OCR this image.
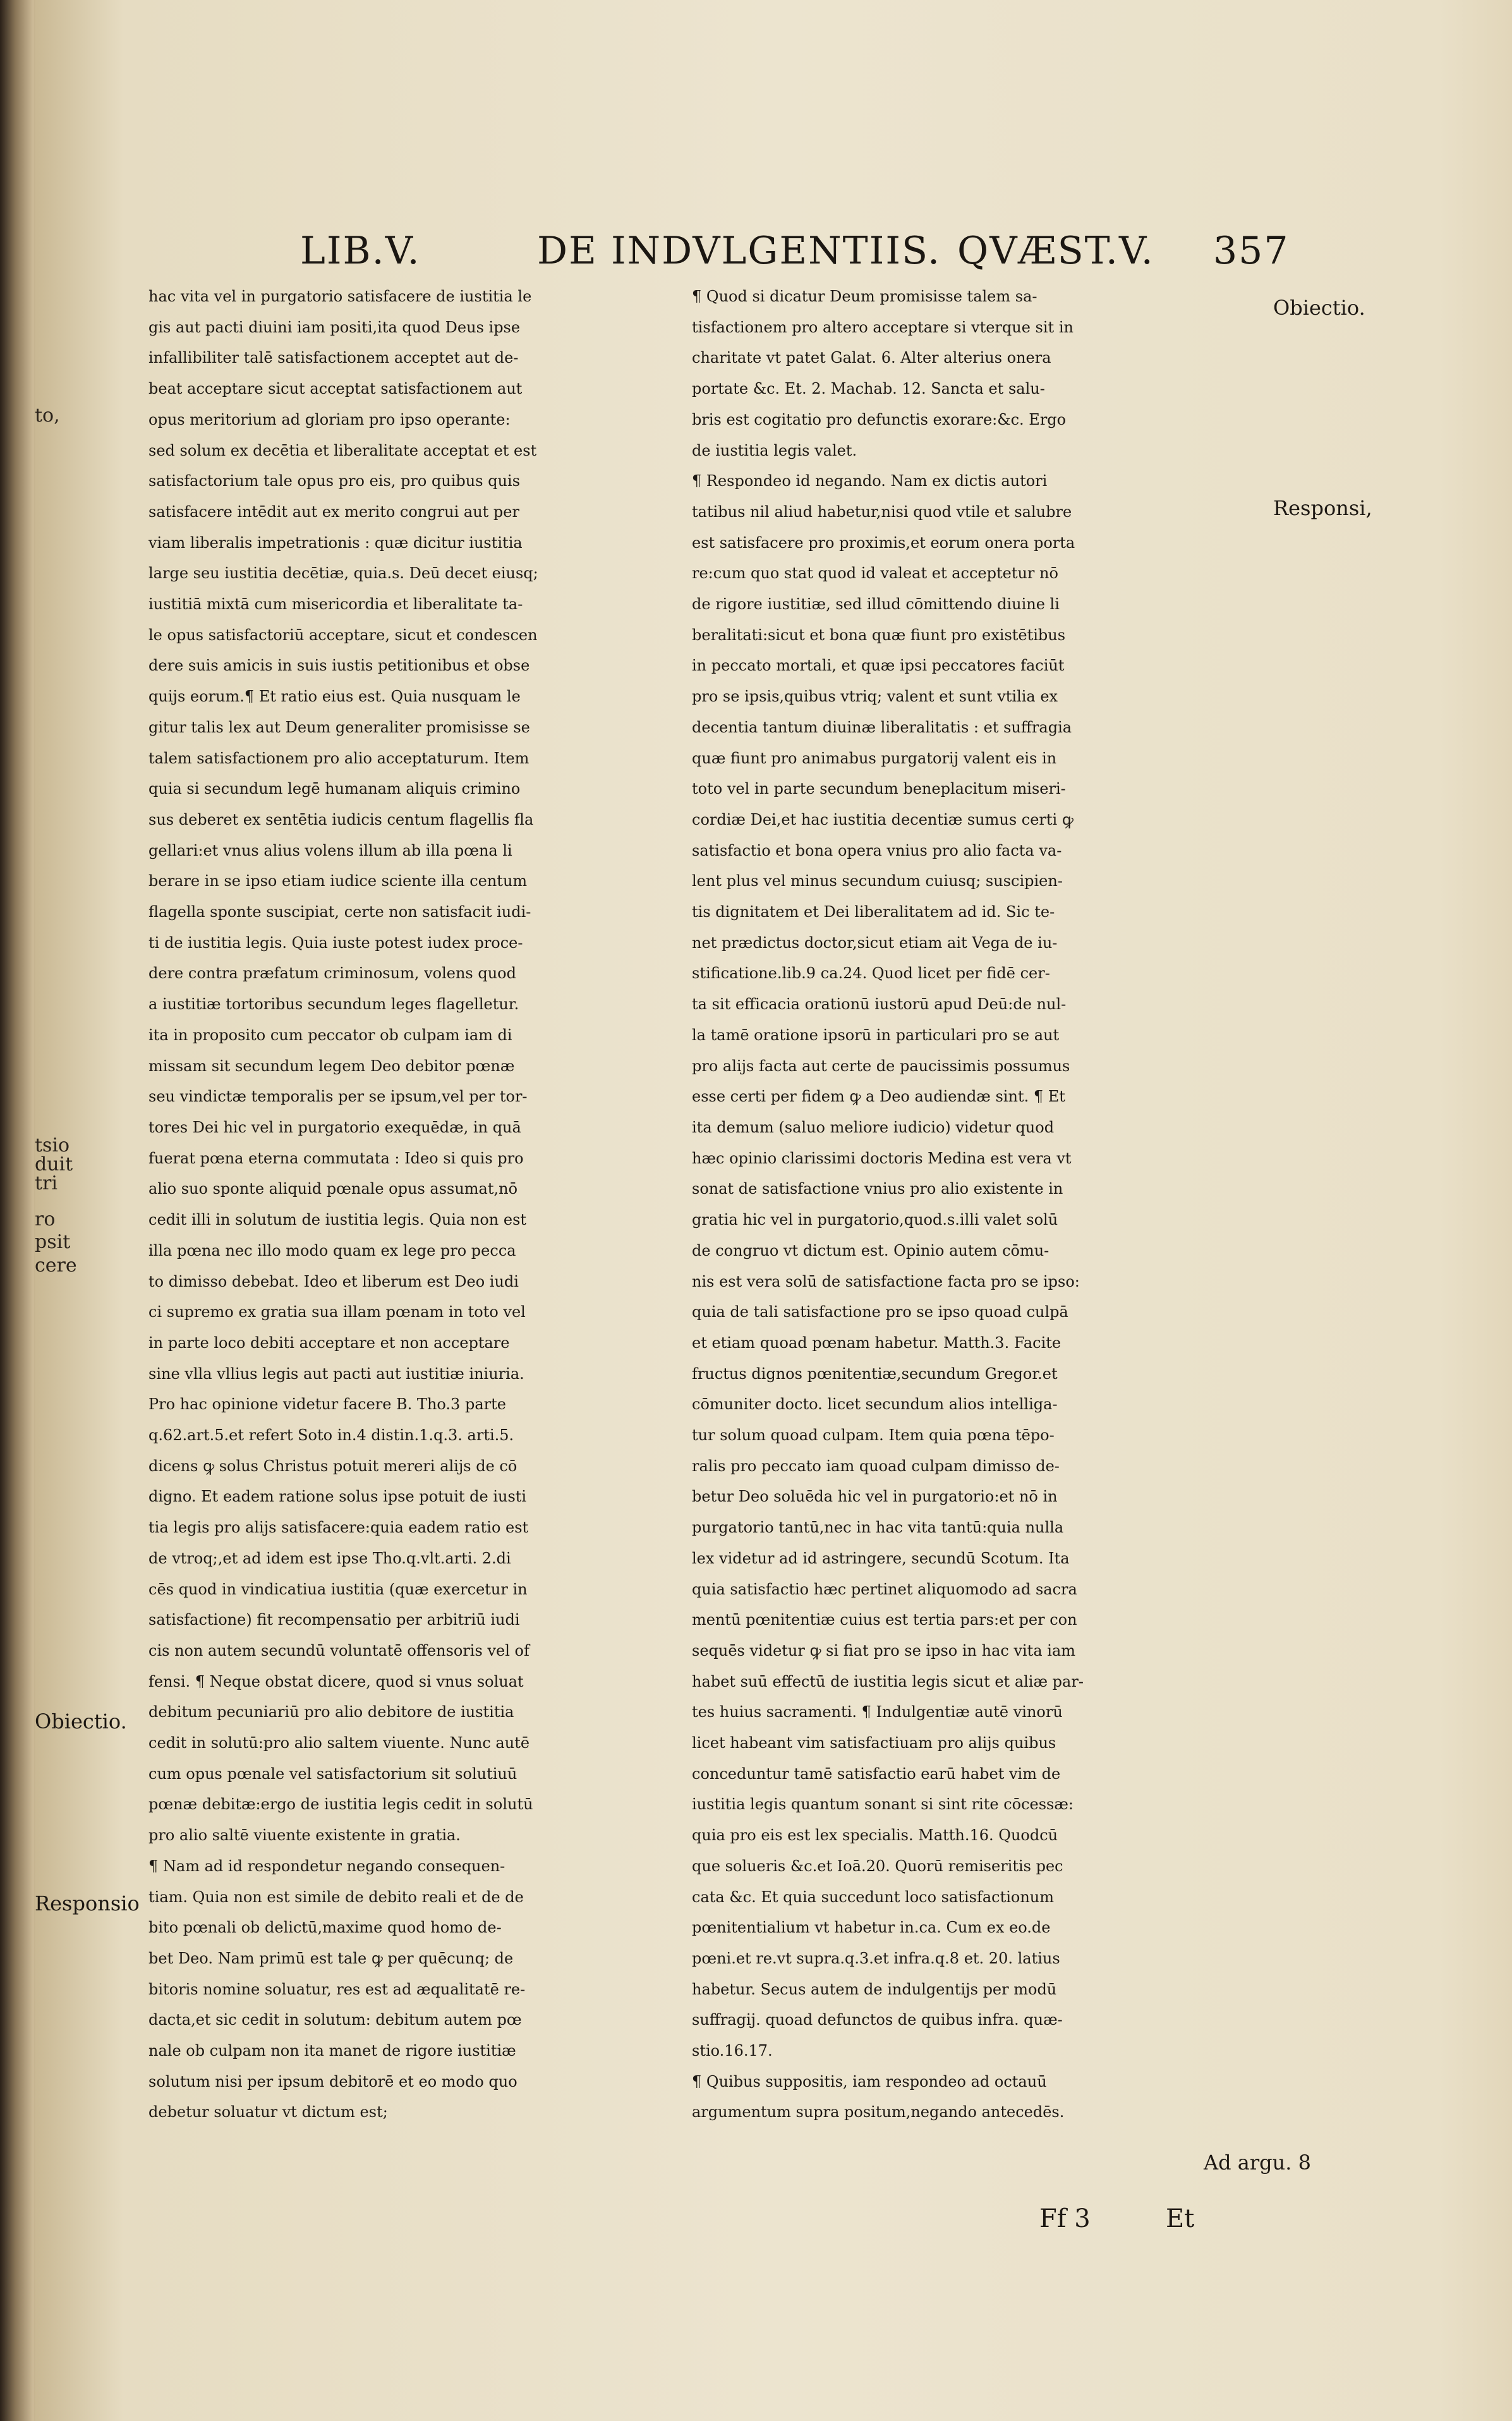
to,
tsio
duit
tri
ro
psit
cere
LIB.V.	DE INDVLGENTIIS. QVÆST.V. 357
hac vita vel in purgatorio satisfacere de iustitia le
gis aut pacti diuini iam positi,ita quod Deus ipse
infallibiliter talē satisfactionem acceptet aut de-
beat acceptare sicut acceptat satisfactionem aut
opus meritorium ad gloriam pro ipso operante:
sed solum ex decētia et liberalitate acceptat et est
satisfactorium tale opus pro eis, pro quibus quis
satisfacere intēdit aut ex merito congrui aut per
viam liberalis impetrationis : quæ dicitur iustitia
large seu iustitia decētiæ, quia.s. Deū decet eiusq;
iustitiā mixtā cum misericordia et liberalitate ta-
le opus satisfactoriū acceptare, sicut et condescen
dere suis amicis in suis iustis petitionibus et obse
quijs eorum.¶ Et ratio eius est. Quia nusquam le
gitur talis lex aut Deum generaliter promisisse se
talem satisfactionem pro alio acceptaturum. Item
quia si secundum legē humanam aliquis crimino
sus deberet ex sentētia iudicis centum flagellis fla
gellari:et vnus alius volens illum ab illa pœna li
berare in se ipso etiam iudice sciente illa centum
flagella sponte suscipiat, certe non satisfacit iudi-
ti de iustitia legis. Quia iuste potest iudex proce-
dere contra præfatum criminosum, volens quod
a iustitiæ tortoribus secundum leges flagelletur.
ita in proposito cum peccator ob culpam iam di
missam sit secundum legem Deo debitor pœnæ
seu vindictæ temporalis per se ipsum,vel per tor-
tores Dei hic vel in purgatorio exequēdæ, in quā
fuerat pœna eterna commutata : Ideo si quis pro
alio suo sponte aliquid pœnale opus assumat,nō
cedit illi in solutum de iustitia legis. Quia non est
illa pœna nec illo modo quam ex lege pro pecca
to dimisso debebat. Ideo et liberum est Deo iudi
ci supremo ex gratia sua illam pœnam in toto vel
in parte loco debiti acceptare et non acceptare
sine vlla vllius legis aut pacti aut iustitiæ iniuria.
Pro hac opinione videtur facere B. Tho.3 parte
q.62.art.5.et refert Soto in.4 distin.1.q.3. arti.5.
dicens ꝙ solus Christus potuit mereri alijs de cō
digno. Et eadem ratione solus ipse potuit de iusti
tia legis pro alijs satisfacere:quia eadem ratio est
de vtroq;,et ad idem est ipse Tho.q.vlt.arti. 2.di
cēs quod in vindicatiua iustitia (quæ exercetur in
satisfactione) fit recompensatio per arbitriū iudi
cis non autem secundū voluntatē offensoris vel of
fensi. ¶ Neque obstat dicere, quod si vnus soluat
debitum pecuniariū pro alio debitore de iustitia
cedit in solutū:pro alio saltem viuente. Nunc autē
cum opus pœnale vel satisfactorium sit solutiuū
pœnæ debitæ:ergo de iustitia legis cedit in solutū
pro alio saltē viuente existente in gratia.
¶ Nam ad id respondetur negando consequen-
tiam. Quia non est simile de debito reali et de de
bito pœnali ob delictū,maxime quod homo de-
bet Deo. Nam primū est tale ꝙ per quēcunq; de
bitoris nomine soluatur, res est ad æqualitatē re-
dacta,et sic cedit in solutum: debitum autem pœ
nale ob culpam non ita manet de rigore iustitiæ
solutum nisi per ipsum debitorē et eo modo quo
debetur soluatur vt dictum est;
¶ Quod si dicatur Deum promisisse talem sa-
tisfactionem pro altero acceptare si vterque sit in
charitate vt patet Galat. 6. Alter alterius onera
portate &c. Et. 2. Machab. 12. Sancta et salu-
bris est cogitatio pro defunctis exorare:&c. Ergo
de iustitia legis valet.
¶ Respondeo id negando. Nam ex dictis autori
tatibus nil aliud habetur,nisi quod vtile et salubre
est satisfacere pro proximis,et eorum onera porta
re:cum quo stat quod id valeat et acceptetur nō
de rigore iustitiæ, sed illud cōmittendo diuine li
beralitati:sicut et bona quæ fiunt pro existētibus
in peccato mortali, et quæ ipsi peccatores faciūt
pro se ipsis,quibus vtriq; valent et sunt vtilia ex
decentia tantum diuinæ liberalitatis : et suffragia
quæ fiunt pro animabus purgatorij valent eis in
toto vel in parte secundum beneplacitum miseri-
cordiæ Dei,et hac iustitia decentiæ sumus certi ꝙ
satisfactio et bona opera vnius pro alio facta va-
lent plus vel minus secundum cuiusq; suscipien-
tis dignitatem et Dei liberalitatem ad id. Sic te-
net prædictus doctor,sicut etiam ait Vega de iu-
stificatione.lib.9 ca.24. Quod licet per fidē cer-
ta sit efficacia orationū iustorū apud Deū:de nul-
la tamē oratione ipsorū in particulari pro se aut
pro alijs facta aut certe de paucissimis possumus
esse certi per fidem ꝙ a Deo audiendæ sint. ¶ Et
ita demum (saluo meliore iudicio) videtur quod
hæc opinio clarissimi doctoris Medina est vera vt
sonat de satisfactione vnius pro alio existente in
gratia hic vel in purgatorio,quod.s.illi valet solū
de congruo vt dictum est. Opinio autem cōmu-
nis est vera solū de satisfactione facta pro se ipso:
quia de tali satisfactione pro se ipso quoad culpā
et etiam quoad pœnam habetur. Matth.3. Facite
fructus dignos pœnitentiæ,secundum Gregor.et
cōmuniter docto. licet secundum alios intelliga-
tur solum quoad culpam. Item quia pœna tēpo-
ralis pro peccato iam quoad culpam dimisso de-
betur Deo soluēda hic vel in purgatorio:et nō in
purgatorio tantū,nec in hac vita tantū:quia nulla
lex videtur ad id astringere, secundū Scotum. Ita
quia satisfactio hæc pertinet aliquomodo ad sacra
mentū pœnitentiæ cuius est tertia pars:et per con
sequēs videtur ꝙ si fiat pro se ipso in hac vita iam
habet suū effectū de iustitia legis sicut et aliæ par-
tes huius sacramenti. ¶ Indulgentiæ autē vinorū
licet habeant vim satisfactiuam pro alijs quibus
conceduntur tamē satisfactio earū habet vim de
iustitia legis quantum sonant si sint rite cōcessæ:
quia pro eis est lex specialis. Matth.16. Quodcū
que solueris &c.et Ioā.20. Quorū remiseritis pec
cata &c. Et quia succedunt loco satisfactionum
pœnitentialium vt habetur in.ca. Cum ex eo.de
pœni.et re.vt supra.q.3.et infra.q.8 et. 20. latius
habetur. Secus autem de indulgentijs per modū
suffragij. quoad defunctos de quibus infra. quæ-
stio.16.17.
¶ Quibus suppositis, iam respondeo ad octauū
argumentum supra positum,negando antecedēs.
Obiectio.
Responsi,
Obiectio.
Responsio
Ad argu. 8
Ff 3	Et
